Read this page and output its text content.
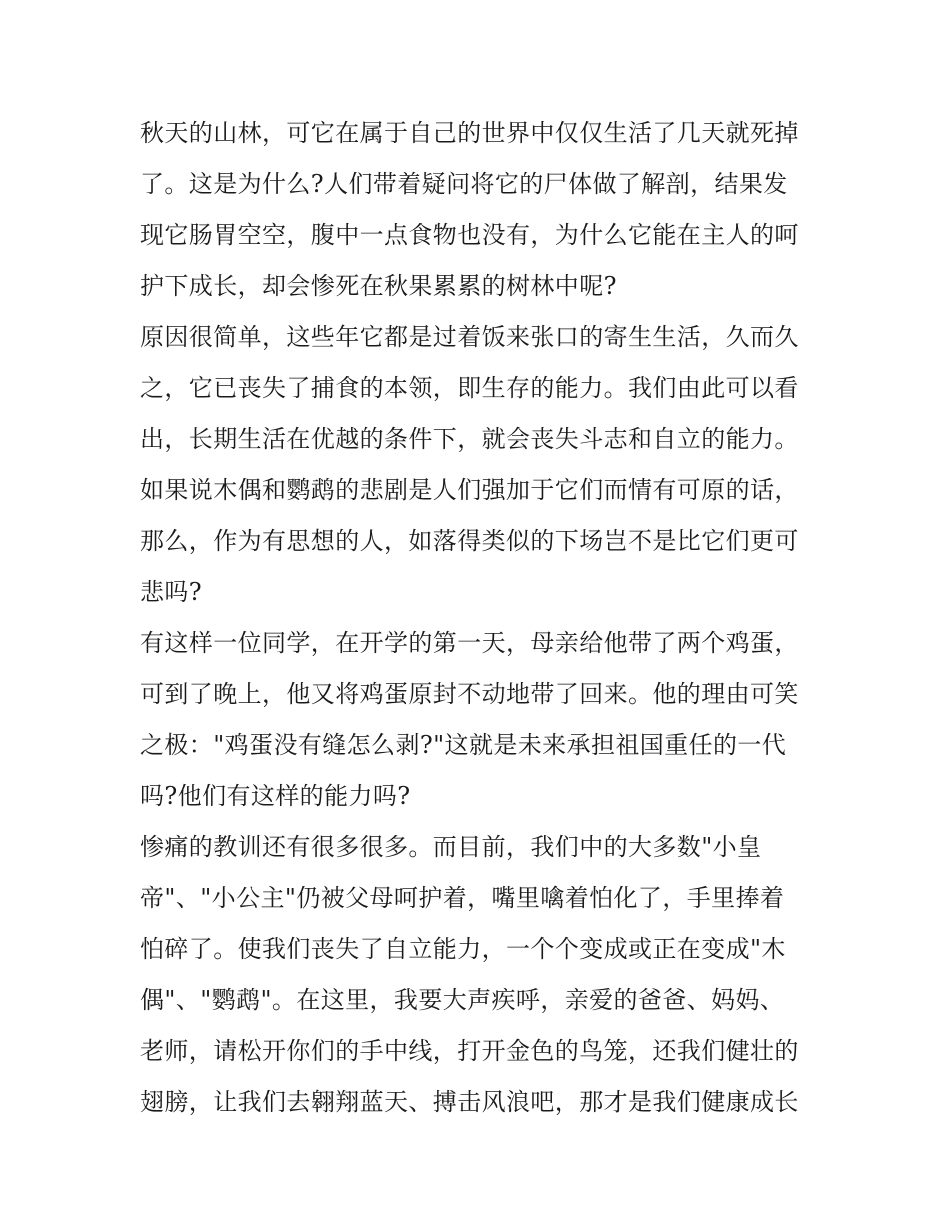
秋天的山林，可它在属于自己的世界中仅仅生活了几天就死掉
了。这是为什么?人们带着疑问将它的尸体做了解剖，结果发
现它肠胃空空，腹中一点食物也没有，为什么它能在主人的呵
护下成长，却会惨死在秋果累累的树林中呢?
原因很简单，这些年它都是过着饭来张口的寄生生活，久而久
之，它已丧失了捕食的本领，即生存的能力。我们由此可以看
出，长期生活在优越的条件下，就会丧失斗志和自立的能力。
如果说木偶和鹦鹉的悲剧是人们强加于它们而情有可原的话，
那么，作为有思想的人，如落得类似的下场岂不是比它们更可
悲吗?
有这样一位同学，在开学的第一天，母亲给他带了两个鸡蛋，
可到了晚上，他又将鸡蛋原封不动地带了回来。他的理由可笑
之极："鸡蛋没有缝怎么剥?"这就是未来承担祖国重任的一代
吗?他们有这样的能力吗?
惨痛的教训还有很多很多。而目前，我们中的大多数"小皇
帝"、"小公主"仍被父母呵护着，嘴里噙着怕化了，手里捧着
怕碎了。使我们丧失了自立能力，一个个变成或正在变成"木
偶"、"鹦鹉"。在这里，我要大声疾呼，亲爱的爸爸、妈妈、
老师，请松开你们的手中线，打开金色的鸟笼，还我们健壮的
翅膀，让我们去翱翔蓝天、搏击风浪吧，那才是我们健康成长
